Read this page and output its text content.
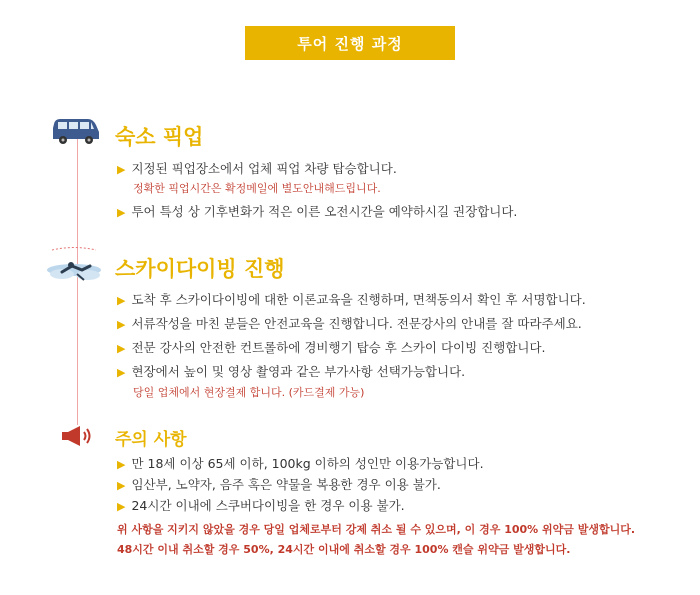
투어 진행 과정
숙소 픽업
▶ 지정된 픽업장소에서 업체 픽업 차량 탑승합니다.
정확한 픽업시간은 확정메일에 별도안내해드립니다.
▶ 투어 특성 상 기후변화가 적은 이른 오전시간을 예약하시길 권장합니다.
스카이다이빙 진행
▶ 도착 후 스카이다이빙에 대한 이론교육을 진행하며, 면책동의서 확인 후 서명합니다.
▶ 서류작성을 마친 분들은 안전교육을 진행합니다. 전문강사의 안내를 잘 따라주세요.
▶ 전문 강사의 안전한 컨트롤하에 경비행기 탑승 후 스카이 다이빙 진행합니다.
▶ 현장에서 높이 및 영상 촬영과 같은 부가사항 선택가능합니다.
당일 업체에서 현장결제 합니다. (카드결제 가능)
주의 사항
▶ 만 18세 이상 65세 이하, 100kg 이하의 성인만 이용가능합니다.
▶ 임산부, 노약자, 음주 혹은 약물을 복용한 경우 이용 불가.
▶ 24시간 이내에 스쿠버다이빙을 한 경우 이용 불가.
위 사항을 지키지 않았을 경우 당일 업체로부터 강제 취소 될 수 있으며, 이 경우 100% 위약금 발생합니다.
48시간 이내 취소할 경우 50%, 24시간 이내에 취소할 경우 100% 캔슬 위약금 발생합니다.
